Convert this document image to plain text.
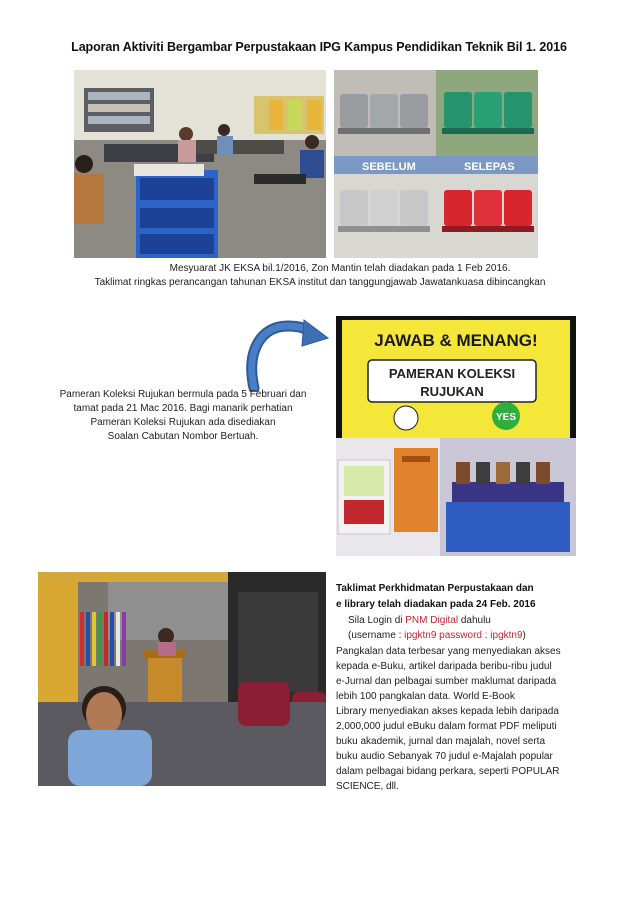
Laporan Aktiviti Bergambar Perpustakaan IPG Kampus Pendidikan Teknik Bil 1. 2016
SEBELUM	SELEPAS
Mesyuarat JK EKSA bil.1/2016, Zon Mantin telah diadakan pada 1 Feb 2016.
Taklimat ringkas perancangan tahunan EKSA institut dan tanggungjawab Jawatankuasa dibincangkan
Pameran Koleksi Rujukan bermula pada 5 Februari dan
tamat pada 21 Mac 2016. Bagi manarik perhatian
Pameran Koleksi Rujukan ada disediakan
Soalan Cabutan Nombor Bertuah.
JAWAB & MENANG!
PAMERAN KOLEKSI
RUJUKAN
YES
Taklimat Perkhidmatan Perpustakaan dan
e library telah diadakan pada 24 Feb. 2016
Sila Login di PNM Digital dahulu
(username : ipgktn9 password : ipgktn9)
Pangkalan data terbesar yang menyediakan akses
kepada e-Buku, artikel daripada beribu-ribu judul
e-Jurnal dan pelbagai sumber maklumat daripada
lebih 100 pangkalan data. World E-Book
Library menyediakan akses kepada lebih daripada
2,000,000 judul eBuku dalam format PDF meliputi
buku akademik, jurnal dan majalah, novel serta
buku audio Sebanyak 70 judul e-Majalah popular
dalam pelbagai bidang perkara, seperti POPULAR
SCIENCE, dll.
